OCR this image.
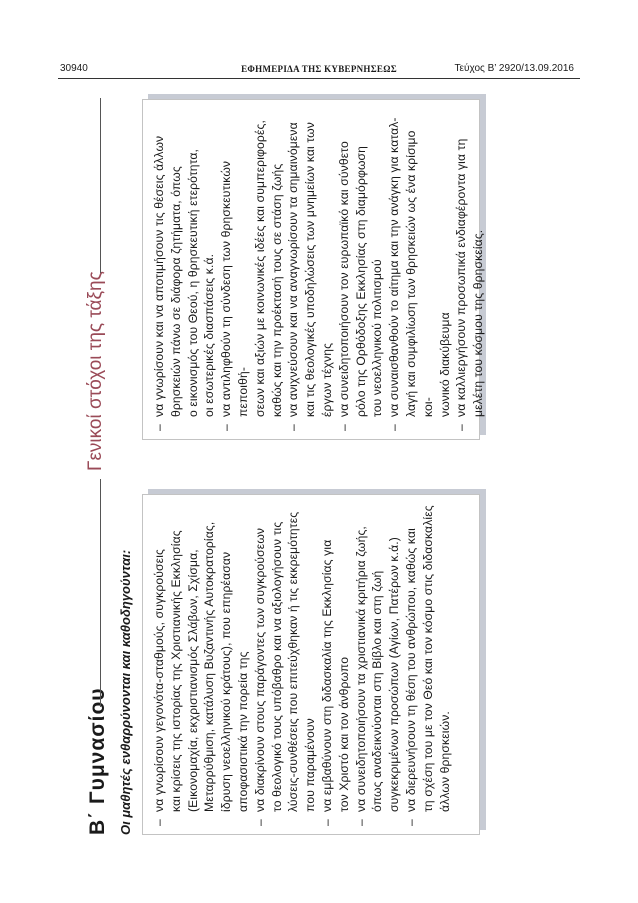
30940	ΕΦΗΜΕΡΙΔΑ ΤΗΣ ΚΥΒΕΡΝΗΣΕΩΣ	Τεύχος Β’ 2920/13.09.2016
Β΄ Γυμνασίου
Γενικοί στόχοι της τάξης
Οι μαθητές ενθαρρύνονται και καθοδηγούνται: –
να γνωρίσουν γεγονότα-σταθμούς, συγκρούσεις
και κρίσεις της ιστορίας της Χριστιανικής Εκκλησίας
(Εικονομαχία, εκχριστιανισμός Σλάβων, Σχίσμα,
Μεταρρύθμιση, κατάλυση Βυζαντινής Αυτοκρατορίας,
ίδρυση νεοελληνικού κράτους), που επηρέασαν
αποφασιστικά την πορεία της
–
να διακρίνουν στους παράγοντες των συγκρούσεων
το θεολογικό τους υπόβαθρο και να αξιολογήσουν τις
λύσεις-συνθέσεις που επιτεύχθηκαν ή τις εκκρεμότητες
που παραμένουν
–
να εμβαθύνουν στη διδασκαλία της Εκκλησίας για
τον Χριστό και τον άνθρωπο
–
να συνειδητοποιήσουν τα χριστιανικά κριτήρια ζωής,
όπως αναδεικνύονται στη Βίβλο και στη ζωή
συγκεκριμένων προσώπων (Αγίων, Πατέρων κ.ά.)
–
να διερευνήσουν τη θέση του ανθρώπου, καθώς και
τη σχέση του με τον Θεό και τον κόσμο στις διδασκαλίες
άλλων θρησκειών.
–
να γνωρίσουν και να αποτιμήσουν τις θέσεις άλλων
θρησκειών πάνω σε διάφορα ζητήματα, όπως
ο εικονισμός του Θεού, η θρησκευτική ετερότητα,
οι εσωτερικές διασπάσεις κ.ά.
–
να αντιληφθούν τη σύνδεση των θρησκευτικών πεποιθή-
σεων και αξιών με κοινωνικές ιδέες και συμπεριφορές,
καθώς και την προέκτασή τους σε στάση ζωής
–
να ανιχνεύσουν και να αναγνωρίσουν τα σημαινόμενα
και τις θεολογικές υποδηλώσεις των μνημείων και των
έργων τέχνης
–
να συνειδητοποιήσουν τον ευρωπαϊκό και σύνθετο
ρόλο της Ορθόδοξης Εκκλησίας στη διαμόρφωση
του νεοελληνικού πολιτισμού
–
να συναισθανθούν το αίτημα και την ανάγκη για καταλ-
λαγή και συμφιλίωση των θρησκειών ως ένα κρίσιμο κοι-
νωνικό διακύβευμα
–
να καλλιεργήσουν προσωπικά ενδιαφέροντα για τη
μελέτη του κόσμου της θρησκείας.
